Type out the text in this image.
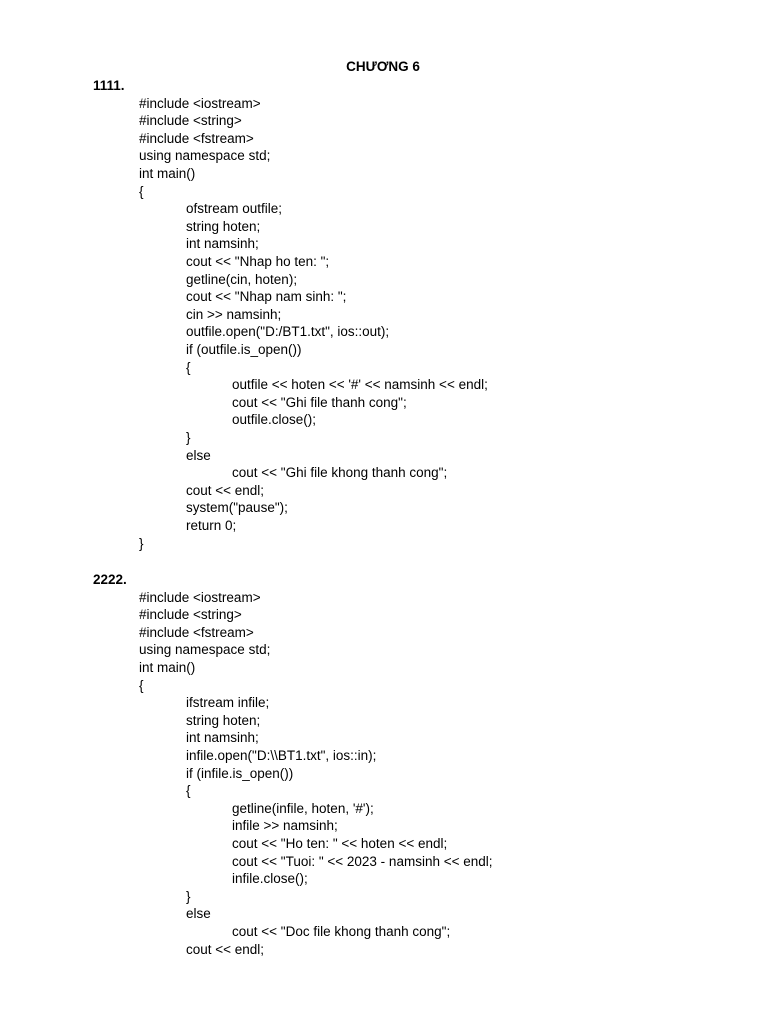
CHƯƠNG 6
1111.
#include <iostream>
#include <string>
#include <fstream>
using namespace std;
int main()
{
ofstream outfile;
string hoten;
int namsinh;
cout << "Nhap ho ten: ";
getline(cin, hoten);
cout << "Nhap nam sinh: ";
cin >> namsinh;
outfile.open("D:/BT1.txt", ios::out);
if (outfile.is_open())
{
outfile << hoten << '#' << namsinh << endl;
cout << "Ghi file thanh cong";
outfile.close();
}
else
cout << "Ghi file khong thanh cong";
cout << endl;
system("pause");
return 0;
}
2222.
#include <iostream>
#include <string>
#include <fstream>
using namespace std;
int main()
{
ifstream infile;
string hoten;
int namsinh;
infile.open("D:\\BT1.txt", ios::in);
if (infile.is_open())
{
getline(infile, hoten, '#');
infile >> namsinh;
cout << "Ho ten: " << hoten << endl;
cout << "Tuoi: " << 2023 - namsinh << endl;
infile.close();
}
else
cout << "Doc file khong thanh cong";
cout << endl;
